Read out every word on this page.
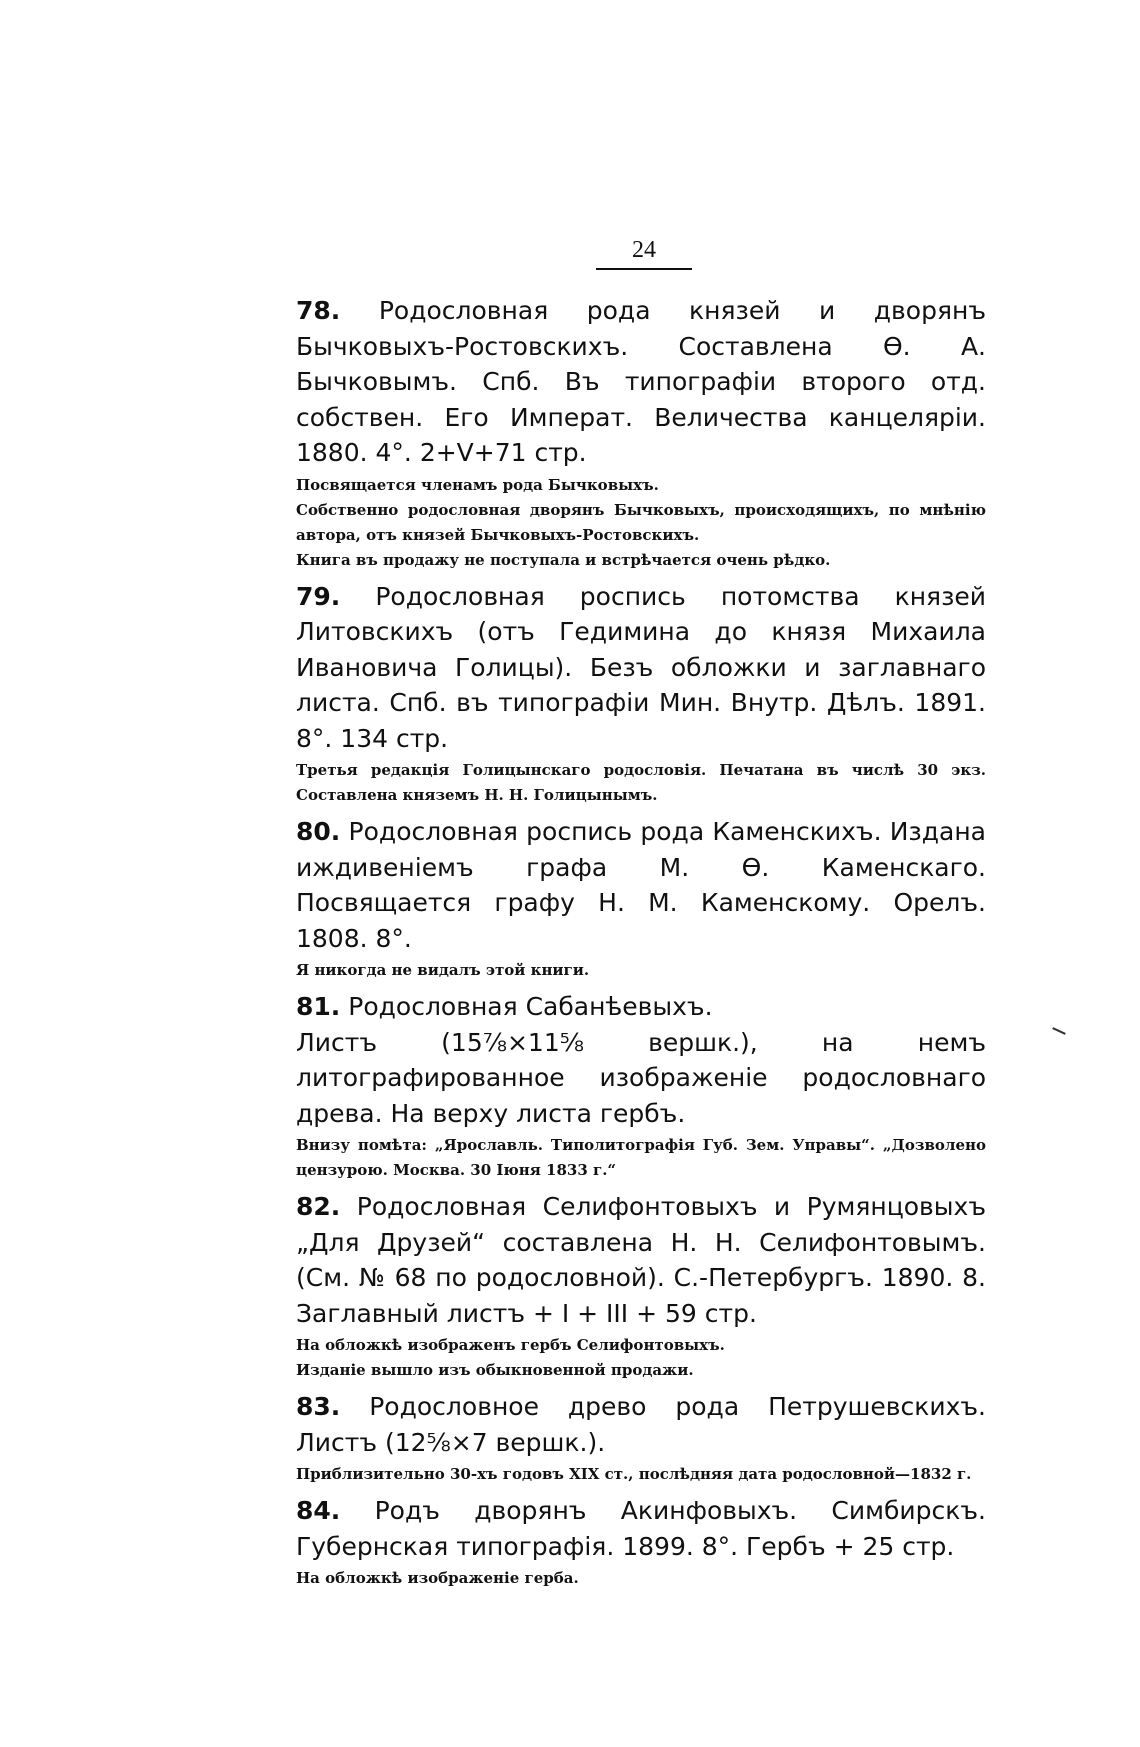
24

78. Родословная рода князей и дворянъ Бычковыхъ-Ростовскихъ. Составлена Ѳ. А. Бычковымъ. Спб. Въ типографіи второго отд. собствен. Его Императ. Величества канцеляріи. 1880. 4°. 2+V+71 стр.

Посвящается членамъ рода Бычковыхъ.

Собственно родословная дворянъ Бычковыхъ, происходящихъ, по мнѣнію автора, отъ князей Бычковыхъ-Ростовскихъ.

Книга въ продажу не поступала и встрѣчается очень рѣдко.

79. Родословная роспись потомства князей Литовскихъ (отъ Гедимина до князя Михаила Ивановича Голицы). Безъ обложки и заглавнаго листа. Спб. въ типографіи Мин. Внутр. Дѣлъ. 1891. 8°. 134 стр.

Третья редакція Голицынскаго родословія. Печатана въ числѣ 30 экз. Составлена княземъ Н. Н. Голицынымъ.

80. Родословная роспись рода Каменскихъ. Издана иждивеніемъ графа М. Ѳ. Каменскаго. Посвящается графу Н. М. Каменскому. Орелъ. 1808. 8°.

Я никогда не видалъ этой книги.

81. Родословная Сабанѣевыхъ.
Листъ (15⅞×11⅝ вершк.), на немъ литографированное изображеніе родословнаго древа. На верху листа гербъ.

Внизу помѣта: „Ярославль. Типолитографія Губ. Зем. Управы“. „Дозволено цензурою. Москва. 30 Іюня 1833 г.“

82. Родословная Селифонтовыхъ и Румянцовыхъ „Для Друзей“ составлена Н. Н. Селифонтовымъ. (См. № 68 по родословной). С.-Петербургъ. 1890. 8. Заглавный листъ + I + III + 59 стр.

На обложкѣ изображенъ гербъ Селифонтовыхъ.

Изданіе вышло изъ обыкновенной продажи.

83. Родословное древо рода Петрушевскихъ. Листъ (12⅝×7 вершк.).

Приблизительно 30-хъ годовъ XIX ст., послѣдняя дата родословной—1832 г.

84. Родъ дворянъ Акинфовыхъ. Симбирскъ. Губернская типографія. 1899. 8°. Гербъ + 25 стр.

На обложкѣ изображеніе герба.
